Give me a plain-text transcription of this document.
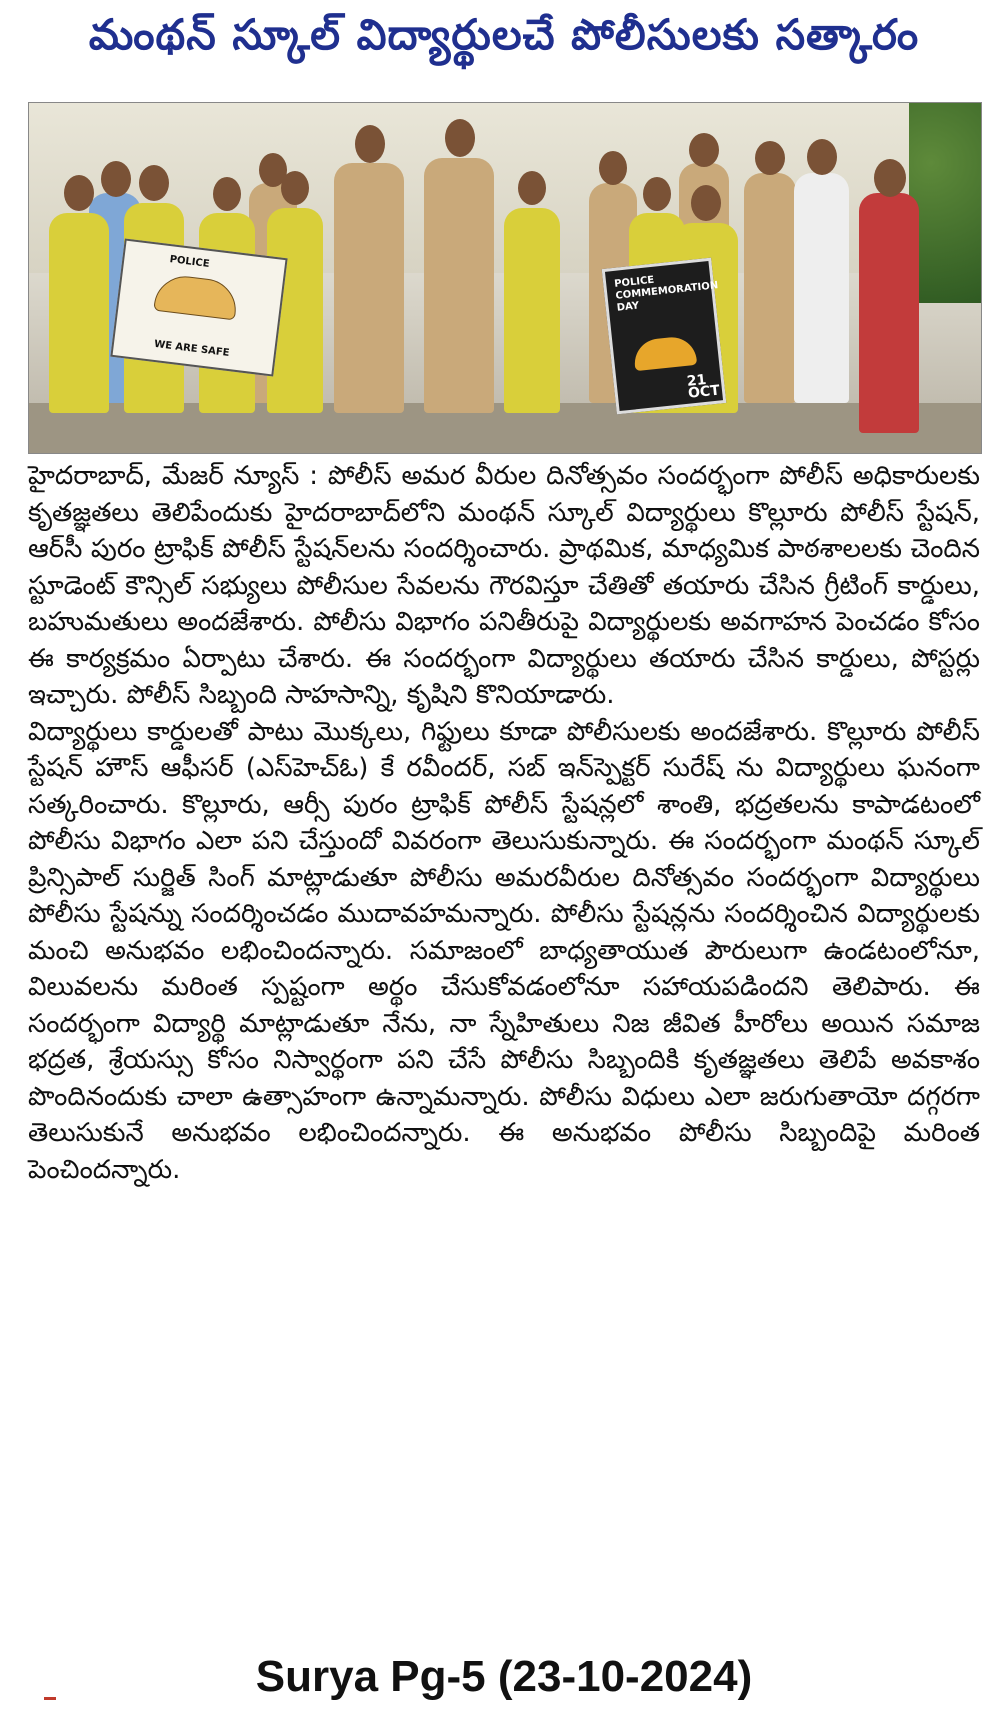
మంథన్ స్కూల్ విద్యార్థులచే పోలీసులకు సత్కారం
POLICE
WE ARE SAFE
POLICE COMMEMORATION DAY
21 OCT

హైదరాబాద్, మేజర్ న్యూస్ : పోలీస్ అమర వీరుల దినోత్సవం సందర్భంగా పోలీస్ అధికారులకు కృతజ్ఞతలు తెలిపేందుకు హైదరాబాద్‌లోని మంథన్ స్కూల్ విద్యార్థులు కొల్లూరు పోలీస్ స్టేషన్, ఆర్‌సీ పురం ట్రాఫిక్ పోలీస్ స్టేషన్‌లను సందర్శించారు. ప్రాథమిక, మాధ్యమిక పాఠశాలలకు చెందిన స్టూడెంట్ కౌన్సిల్ సభ్యులు పోలీసుల సేవలను గౌరవిస్తూ చేతితో తయారు చేసిన గ్రీటింగ్ కార్డులు, బహుమతులు అందజేశారు. పోలీసు విభాగం పనితీరుపై విద్యార్థులకు అవగాహన పెంచడం కోసం ఈ కార్యక్రమం ఏర్పాటు చేశారు. ఈ సందర్భంగా విద్యార్థులు తయారు చేసిన కార్డులు, పోస్టర్లు ఇచ్చారు. పోలీస్ సిబ్బంది సాహసాన్ని, కృషిని కొనియాడారు.

విద్యార్థులు కార్డులతో పాటు మొక్కలు, గిఫ్టులు కూడా పోలీసులకు అందజేశారు. కొల్లూరు పోలీస్ స్టేషన్ హౌస్ ఆఫీసర్ (ఎస్‌హెచ్‌ఓ) కే రవీందర్, సబ్ ఇన్‌స్పెక్టర్ సురేష్ ను విద్యార్థులు ఘనంగా సత్కరించారు. కొల్లూరు, ఆర్సీ పురం ట్రాఫిక్ పోలీస్ స్టేషన్లలో శాంతి, భద్రతలను కాపాడటంలో పోలీసు విభాగం ఎలా పని చేస్తుందో వివరంగా తెలుసుకున్నారు. ఈ సందర్భంగా మంథన్ స్కూల్ ప్రిన్సిపాల్ సుర్జిత్ సింగ్ మాట్లాడుతూ పోలీసు అమరవీరుల దినోత్సవం సందర్భంగా విద్యార్థులు పోలీసు స్టేషన్ను సందర్శించడం ముదావహమన్నారు. పోలీసు స్టేషన్లను సందర్శించిన విద్యార్థులకు మంచి అనుభవం లభించిందన్నారు. సమాజంలో బాధ్యతాయుత పౌరులుగా ఉండటంలోనూ, విలువలను మరింత స్పష్టంగా అర్థం చేసుకోవడంలోనూ సహాయపడిందని తెలిపారు. ఈ సందర్భంగా విద్యార్థి మాట్లాడుతూ నేను, నా స్నేహితులు నిజ జీవిత హీరోలు అయిన సమాజ భద్రత, శ్రేయస్సు కోసం నిస్వార్థంగా పని చేసే పోలీసు సిబ్బందికి కృతజ్ఞతలు తెలిపే అవకాశం పొందినందుకు చాలా ఉత్సాహంగా ఉన్నామన్నారు. పోలీసు విధులు ఎలా జరుగుతాయో దగ్గరగా తెలుసుకునే అనుభవం లభించిందన్నారు. ఈ అనుభవం పోలీసు సిబ్బందిపై మరింత పెంచిందన్నారు.

Surya Pg-5 (23-10-2024)
